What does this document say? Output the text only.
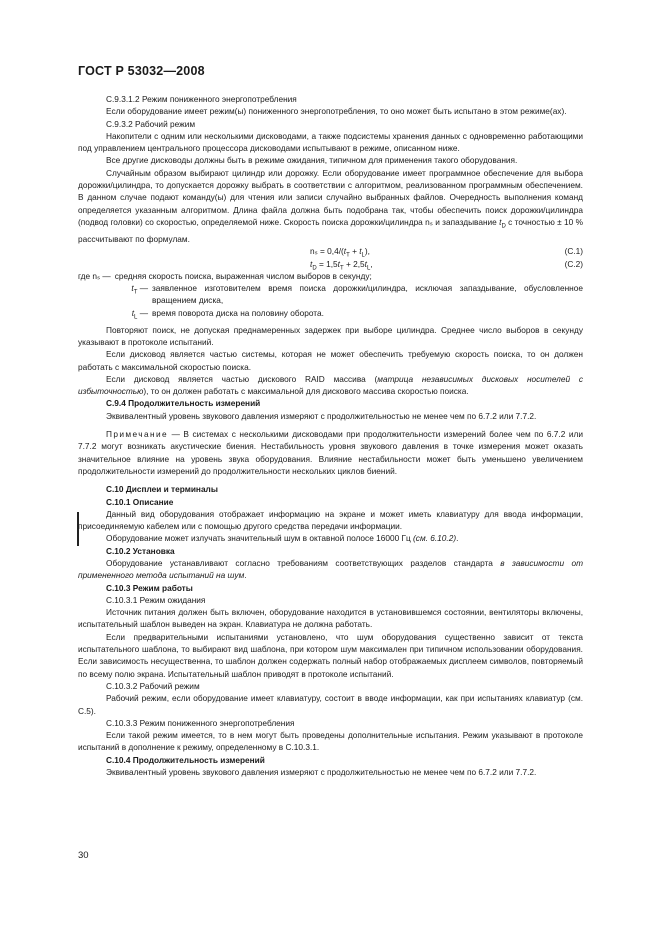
ГОСТ Р 53032—2008

C.9.3.1.2 Режим пониженного энергопотребления

Если оборудование имеет режим(ы) пониженного энергопотребления, то оно может быть испытано в этом режиме(ах).

C.9.3.2 Рабочий режим

Накопители с одним или несколькими дисководами, а также подсистемы хранения данных с одновременно работающими под управлением центрального процессора дисководами испытывают в режиме, описанном ниже.

Все другие дисководы должны быть в режиме ожидания, типичном для применения такого оборудования.

Случайным образом выбирают цилиндр или дорожку. Если оборудование имеет программное обеспечение для выбора дорожки/цилиндра, то допускается дорожку выбрать в соответствии с алгоритмом, реализованном программным обеспечением. В данном случае подают команду(ы) для чтения или записи случайно выбранных файлов. Очередность выполнения команд определяется указанным алгоритмом. Длина файла должна быть подобрана так, чтобы обеспечить поиск дорожки/цилиндра (подвод головки) со скоростью, определяемой ниже. Скорость поиска дорожки/цилиндра nₛ и запаздывание $t_D$ с точностью ± 10 % рассчитывают по формулам.

$n_s = 0,4/(t_T + t_L)$,	(С.1)
$t_D = 1,5t_T + 2,5t_L$,	(С.2)
где nₛ — средняя скорость поиска, выраженная числом выборов в секунду;
$t_T$ — заявленное изготовителем время поиска дорожки/цилиндра, исключая запаздывание, обусловленное вращением диска,
$t_L$ — время поворота диска на половину оборота.

Повторяют поиск, не допуская преднамеренных задержек при выборе цилиндра. Среднее число выборов в секунду указывают в протоколе испытаний.

Если дисковод является частью системы, которая не может обеспечить требуемую скорость поиска, то он должен работать с максимальной скоростью поиска.

Если дисковод является частью дискового RAID массива (матрица независимых дисковых носителей с избыточностью), то он должен работать с максимальной для дискового массива скоростью поиска.

С.9.4 Продолжительность измерений

Эквивалентный уровень звукового давления измеряют с продолжительностью не менее чем по 6.7.2 или 7.7.2.

Примечание — В системах с несколькими дисководами при продолжительности измерений более чем по 6.7.2 или 7.7.2 могут возникать акустические биения. Нестабильность уровня звукового давления в точке измерения может оказать значительное влияние на уровень звука оборудования. Влияние нестабильности может быть уменьшено увеличением продолжительности измерений до продолжительности нескольких циклов биений.

С.10 Дисплеи и терминалы

С.10.1 Описание

Данный вид оборудования отображает информацию на экране и может иметь клавиатуру для ввода информации, присоединяемую кабелем или с помощью другого средства передачи информации.

Оборудование может излучать значительный шум в октавной полосе 16000 Гц (см. 6.10.2).

С.10.2 Установка

Оборудование устанавливают согласно требованиям соответствующих разделов стандарта в зависимости от примененного метода испытаний на шум.

С.10.3 Режим работы

С.10.3.1 Режим ожидания

Источник питания должен быть включен, оборудование находится в установившемся состоянии, вентиляторы включены, испытательный шаблон выведен на экран. Клавиатура не должна работать.

Если предварительными испытаниями установлено, что шум оборудования существенно зависит от текста испытательного шаблона, то выбирают вид шаблона, при котором шум максимален при типичном использовании оборудования. Если зависимость несущественна, то шаблон должен содержать полный набор отображаемых дисплеем символов, повторяемый по всему полю экрана. Испытательный шаблон приводят в протоколе испытаний.

С.10.3.2 Рабочий режим

Рабочий режим, если оборудование имеет клавиатуру, состоит в вводе информации, как при испытаниях клавиатур (см. С.5).

С.10.3.3 Режим пониженного энергопотребления

Если такой режим имеется, то в нем могут быть проведены дополнительные испытания. Режим указывают в протоколе испытаний в дополнение к режиму, определенному в С.10.3.1.

С.10.4 Продолжительность измерений

Эквивалентный уровень звукового давления измеряют с продолжительностью не менее чем по 6.7.2 или 7.7.2.

30
